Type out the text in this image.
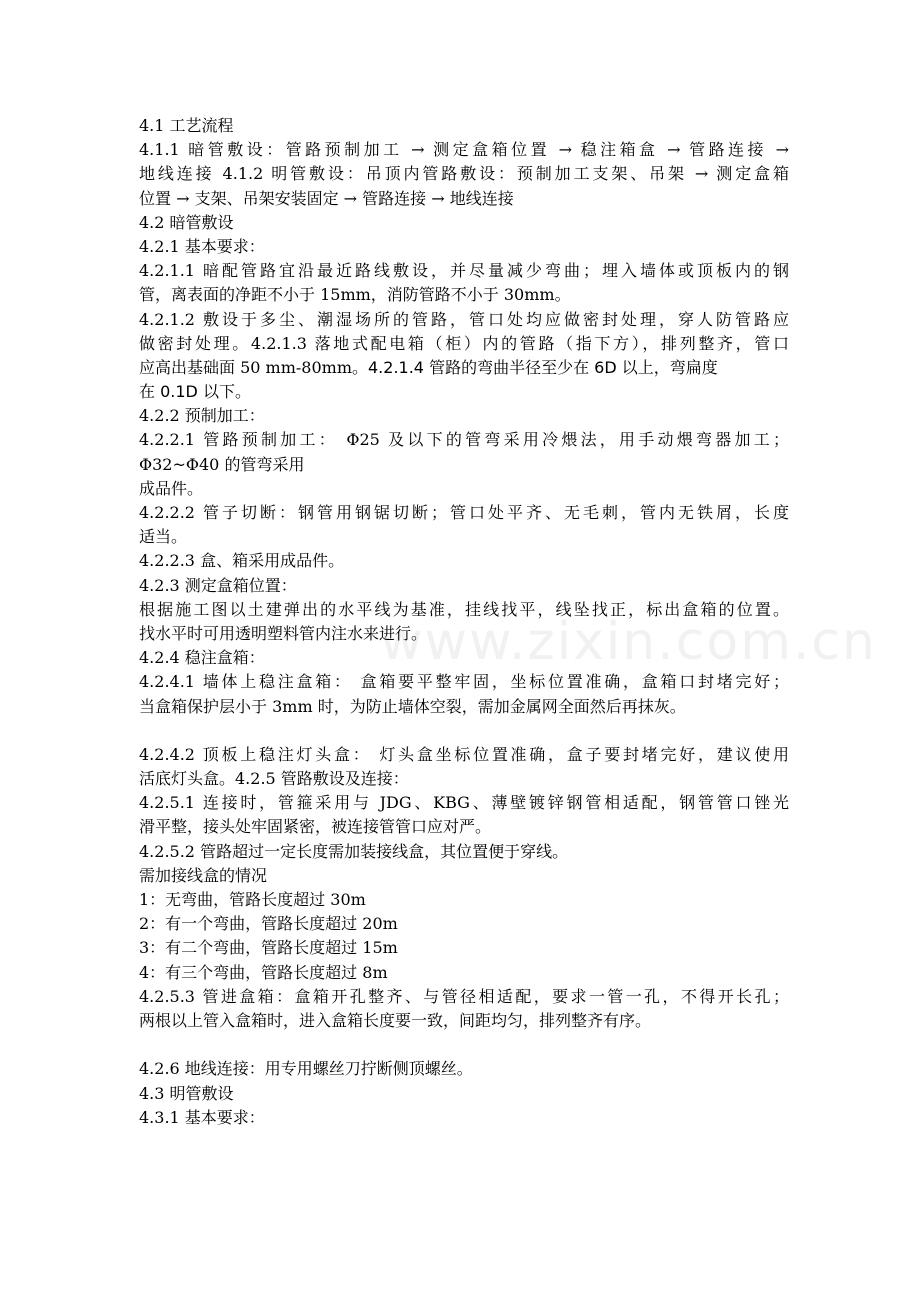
www.zixin.com.cn
4.1 工艺流程
4.1.1 暗管敷设：管路预制加工 → 测定盒箱位置 → 稳注箱盒 → 管路连接 →
地线连接 4.1.2 明管敷设：吊顶内管路敷设：预制加工支架、吊架 → 测定盒箱
位置 → 支架、吊架安装固定 → 管路连接 → 地线连接
4.2 暗管敷设
4.2.1 基本要求：
4.2.1.1 暗配管路宜沿最近路线敷设，并尽量减少弯曲；埋入墙体或顶板内的钢
管，离表面的净距不小于 15mm，消防管路不小于 30mm。
4.2.1.2 敷设于多尘、潮湿场所的管路，管口处均应做密封处理，穿人防管路应
做密封处理。4.2.1.3 落地式配电箱（柜）内的管路（指下方），排列整齐，管口
应高出基础面 50 mm-80mm。4.2.1.4 管路的弯曲半径至少在 6D 以上，弯扁度
在 0.1D 以下。
4.2.2 预制加工：
4.2.2.1 管路预制加工： Φ25 及以下的管弯采用冷煨法，用手动煨弯器加工；
Φ32~Φ40 的管弯采用
成品件。
4.2.2.2 管子切断：钢管用钢锯切断；管口处平齐、无毛刺，管内无铁屑，长度
适当。
4.2.2.3 盒、箱采用成品件。
4.2.3 测定盒箱位置：
根据施工图以土建弹出的水平线为基准，挂线找平，线坠找正，标出盒箱的位置。
找水平时可用透明塑料管内注水来进行。
4.2.4 稳注盒箱：
4.2.4.1 墙体上稳注盒箱： 盒箱要平整牢固，坐标位置准确，盒箱口封堵完好；
当盒箱保护层小于 3mm 时，为防止墙体空裂，需加金属网全面然后再抹灰。
4.2.4.2 顶板上稳注灯头盒： 灯头盒坐标位置准确，盒子要封堵完好，建议使用
活底灯头盒。4.2.5 管路敷设及连接：
4.2.5.1 连接时，管箍采用与 JDG、KBG、薄壁镀锌钢管相适配，钢管管口锉光
滑平整，接头处牢固紧密，被连接管管口应对严。
4.2.5.2 管路超过一定长度需加装接线盒，其位置便于穿线。
需加接线盒的情况
1：无弯曲，管路长度超过 30m
2：有一个弯曲，管路长度超过 20m
3：有二个弯曲，管路长度超过 15m
4：有三个弯曲，管路长度超过 8m
4.2.5.3 管进盒箱：盒箱开孔整齐、与管径相适配，要求一管一孔，不得开长孔；
两根以上管入盒箱时，进入盒箱长度要一致，间距均匀，排列整齐有序。
4.2.6 地线连接：用专用螺丝刀拧断侧顶螺丝。
4.3 明管敷设
4.3.1 基本要求：
